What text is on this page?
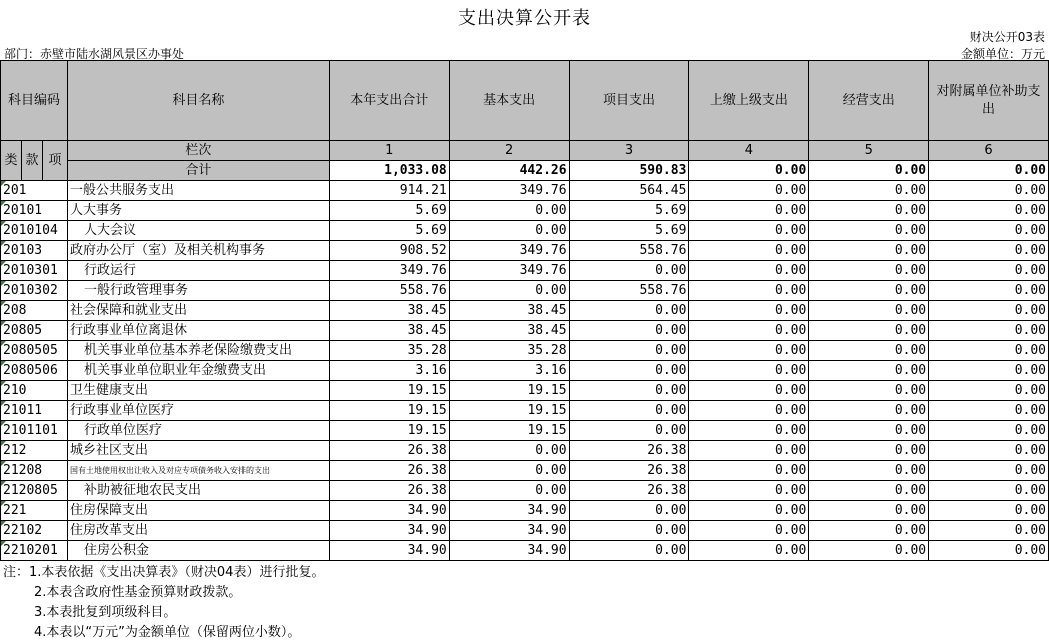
支出决算公开表
财决公开03表
部门：赤壁市陆水湖风景区办事处	金额单位：万元
科目编码			科目名称	本年支出合计	基本支出	项目支出	上缴上级支出	经营支出	对附属单位补助支出
类	款	项	栏次	1	2	3	4	5	6
			合计	1,033.08	442.26	590.83	0.00	0.00	0.00
201			一般公共服务支出	914.21	349.76	564.45	0.00	0.00	0.00
20101			人大事务	5.69	0.00	5.69	0.00	0.00	0.00
2010104			人大会议	5.69	0.00	5.69	0.00	0.00	0.00
20103			政府办公厅（室）及相关机构事务	908.52	349.76	558.76	0.00	0.00	0.00
2010301			行政运行	349.76	349.76	0.00	0.00	0.00	0.00
2010302			一般行政管理事务	558.76	0.00	558.76	0.00	0.00	0.00
208			社会保障和就业支出	38.45	38.45	0.00	0.00	0.00	0.00
20805			行政事业单位离退休	38.45	38.45	0.00	0.00	0.00	0.00
2080505			机关事业单位基本养老保险缴费支出	35.28	35.28	0.00	0.00	0.00	0.00
2080506			机关事业单位职业年金缴费支出	3.16	3.16	0.00	0.00	0.00	0.00
210			卫生健康支出	19.15	19.15	0.00	0.00	0.00	0.00
21011			行政事业单位医疗	19.15	19.15	0.00	0.00	0.00	0.00
2101101			行政单位医疗	19.15	19.15	0.00	0.00	0.00	0.00
212			城乡社区支出	26.38	0.00	26.38	0.00	0.00	0.00
21208			国有土地使用权出让收入及对应专项债务收入安排的支出	26.38	0.00	26.38	0.00	0.00	0.00
2120805			补助被征地农民支出	26.38	0.00	26.38	0.00	0.00	0.00
221			住房保障支出	34.90	34.90	0.00	0.00	0.00	0.00
22102			住房改革支出	34.90	34.90	0.00	0.00	0.00	0.00
2210201			住房公积金	34.90	34.90	0.00	0.00	0.00	0.00
注：1.本表依据《支出决算表》（财决04表）进行批复。
2.本表含政府性基金预算财政拨款。
3.本表批复到项级科目。
4.本表以“万元”为金额单位（保留两位小数）。
